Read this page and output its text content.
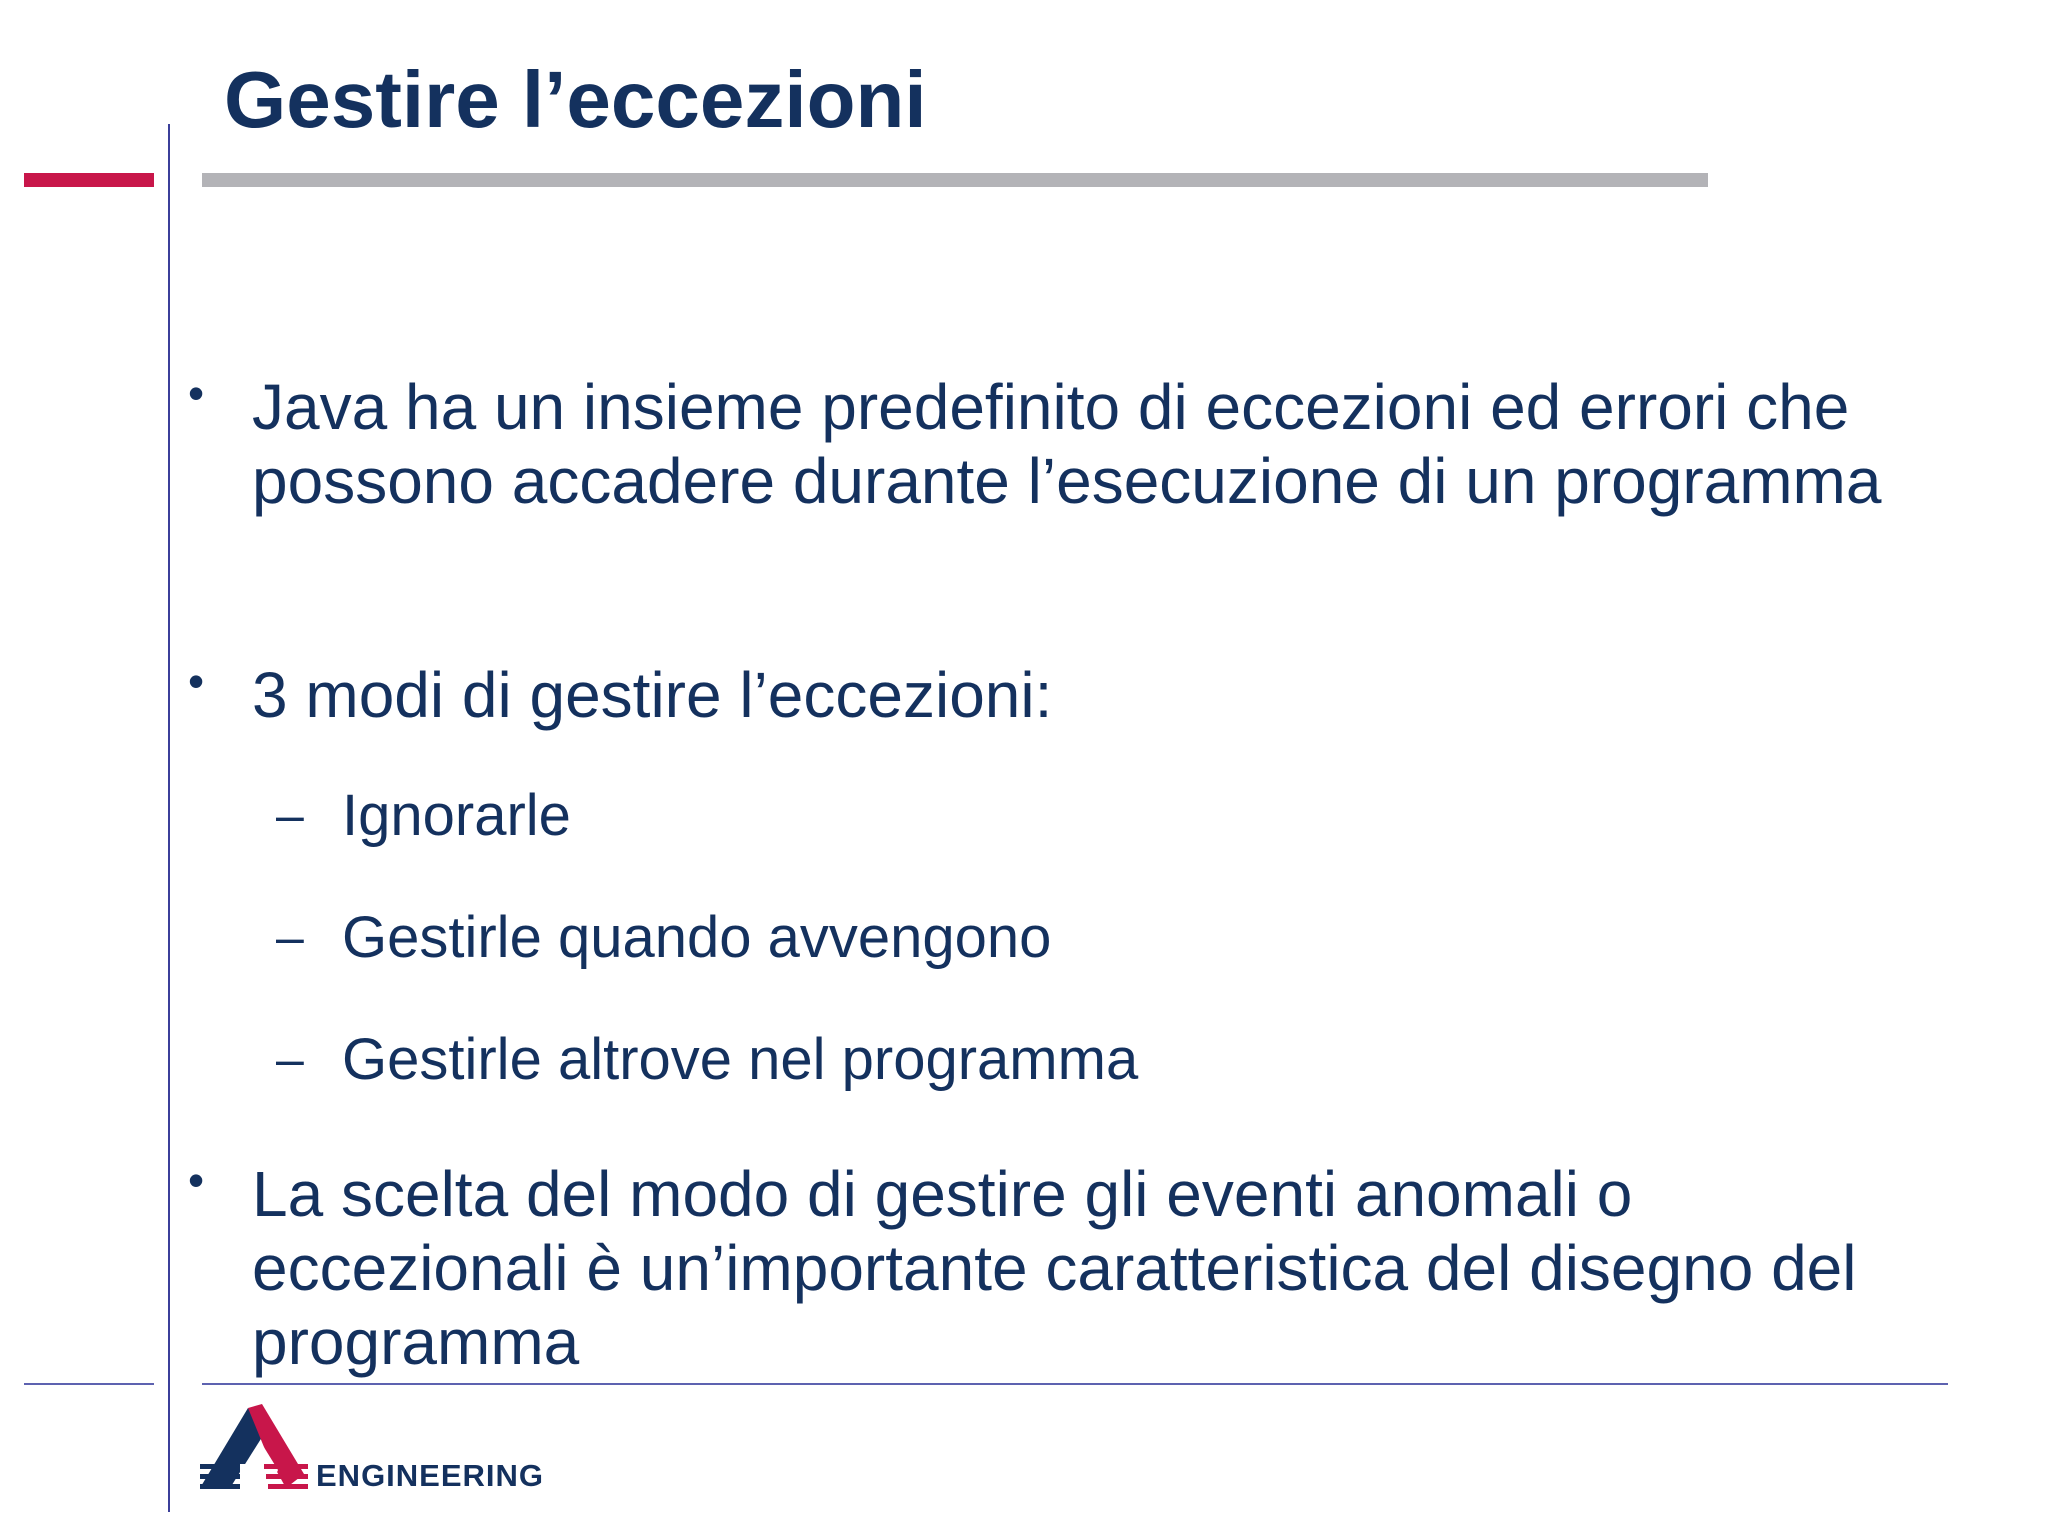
Gestire l’eccezioni
• Java ha un insieme predefinito di eccezioni ed errori che possono accadere durante l’esecuzione di un programma
• 3 modi di gestire l’eccezioni:
– Ignorarle
– Gestirle quando avvengono
– Gestirle altrove nel programma
• La scelta del modo di gestire gli eventi anomali o eccezionali è un’importante caratteristica del disegno del programma
ENGINEERING
